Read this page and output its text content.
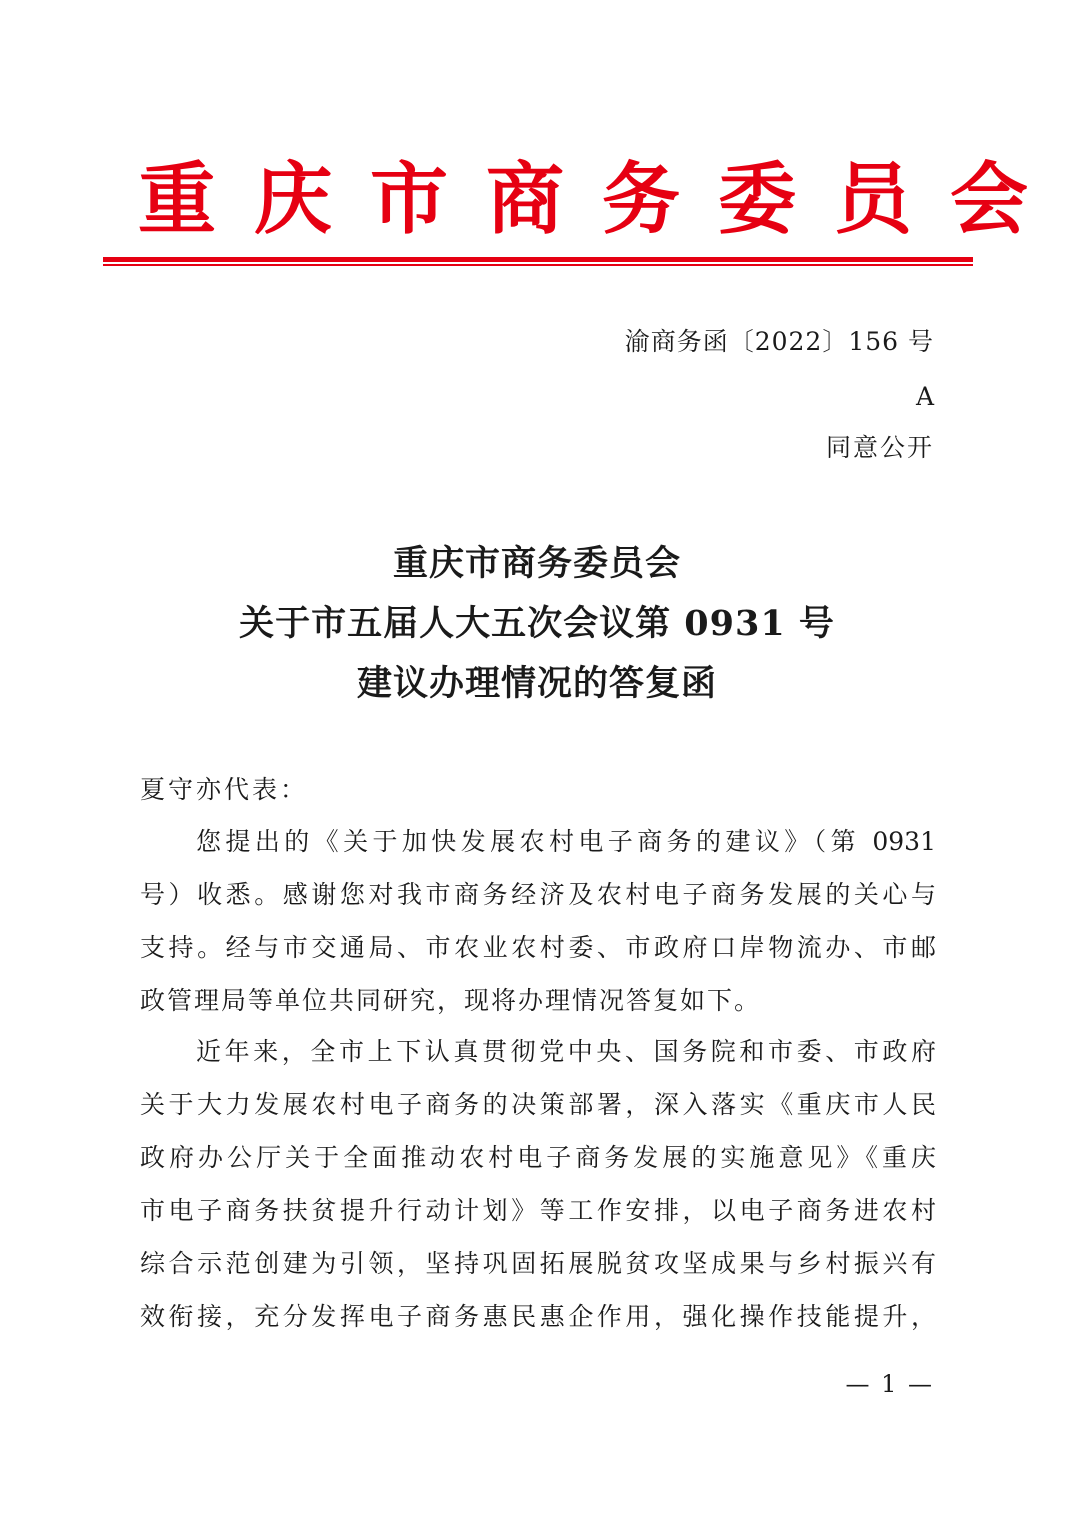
重庆市商务委员会
渝商务函〔2022〕156 号
A
同意公开
重庆市商务委员会
关于市五届人大五次会议第 0931 号
建议办理情况的答复函
夏守亦代表：
您提出的《关于加快发展农村电子商务的建议》（第 0931
号）收悉。感谢您对我市商务经济及农村电子商务发展的关心与
支持。经与市交通局、市农业农村委、市政府口岸物流办、市邮
政管理局等单位共同研究，现将办理情况答复如下。
近年来，全市上下认真贯彻党中央、国务院和市委、市政府
关于大力发展农村电子商务的决策部署，深入落实《重庆市人民
政府办公厅关于全面推动农村电子商务发展的实施意见》《重庆
市电子商务扶贫提升行动计划》等工作安排，以电子商务进农村
综合示范创建为引领，坚持巩固拓展脱贫攻坚成果与乡村振兴有
效衔接，充分发挥电子商务惠民惠企作用，强化操作技能提升，
— 1 —
